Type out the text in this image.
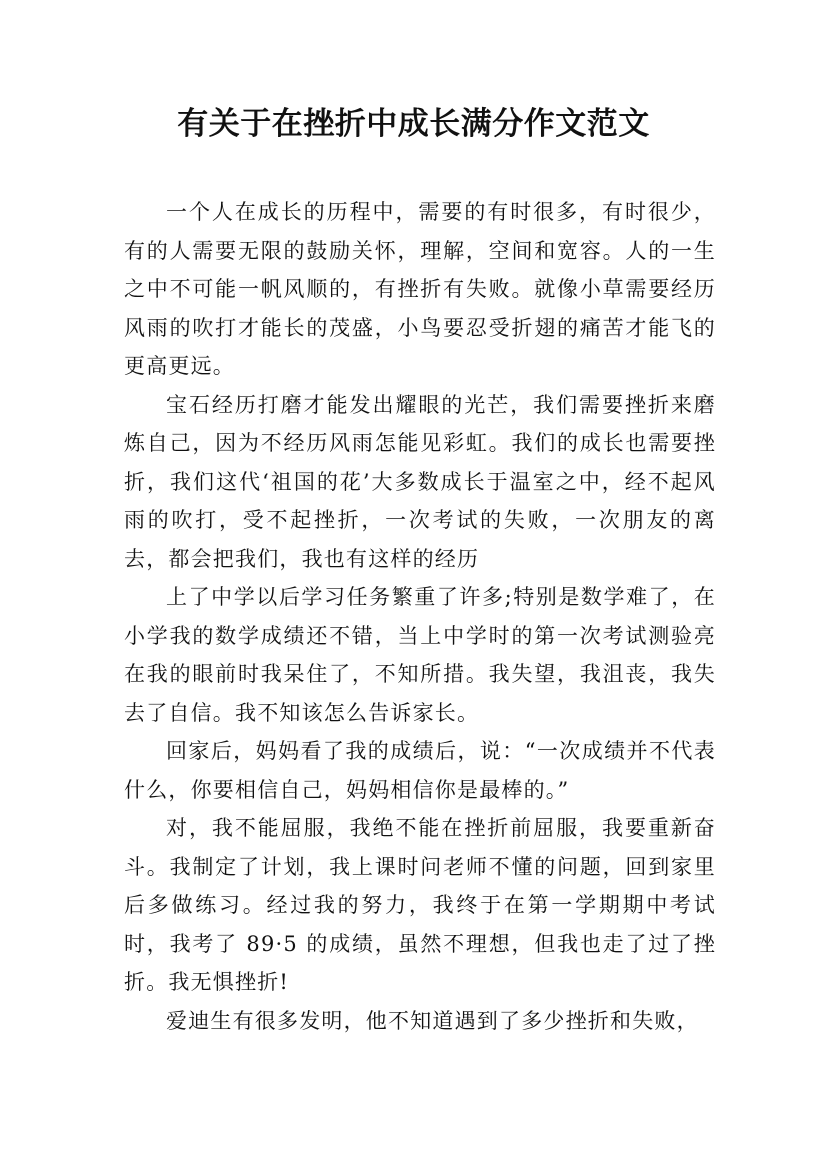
有关于在挫折中成长满分作文范文

一个人在成长的历程中，需要的有时很多，有时很少，有的人需要无限的鼓励关怀，理解，空间和宽容。人的一生之中不可能一帆风顺的，有挫折有失败。就像小草需要经历风雨的吹打才能长的茂盛，小鸟要忍受折翅的痛苦才能飞的更高更远。

宝石经历打磨才能发出耀眼的光芒，我们需要挫折来磨炼自己，因为不经历风雨怎能见彩虹。我们的成长也需要挫折，我们这代‘祖国的花’大多数成长于温室之中，经不起风雨的吹打，受不起挫折，一次考试的失败，一次朋友的离去，都会把我们，我也有这样的经历

上了中学以后学习任务繁重了许多;特别是数学难了，在小学我的数学成绩还不错，当上中学时的第一次考试测验亮在我的眼前时我呆住了，不知所措。我失望，我沮丧，我失去了自信。我不知该怎么告诉家长。

回家后，妈妈看了我的成绩后，说：“一次成绩并不代表什么，你要相信自己，妈妈相信你是最棒的。”

对，我不能屈服，我绝不能在挫折前屈服，我要重新奋斗。我制定了计划，我上课时问老师不懂的问题，回到家里后多做练习。经过我的努力，我终于在第一学期期中考试时，我考了 89·5 的成绩，虽然不理想，但我也走了过了挫折。我无惧挫折!

爱迪生有很多发明，他不知道遇到了多少挫折和失败，
